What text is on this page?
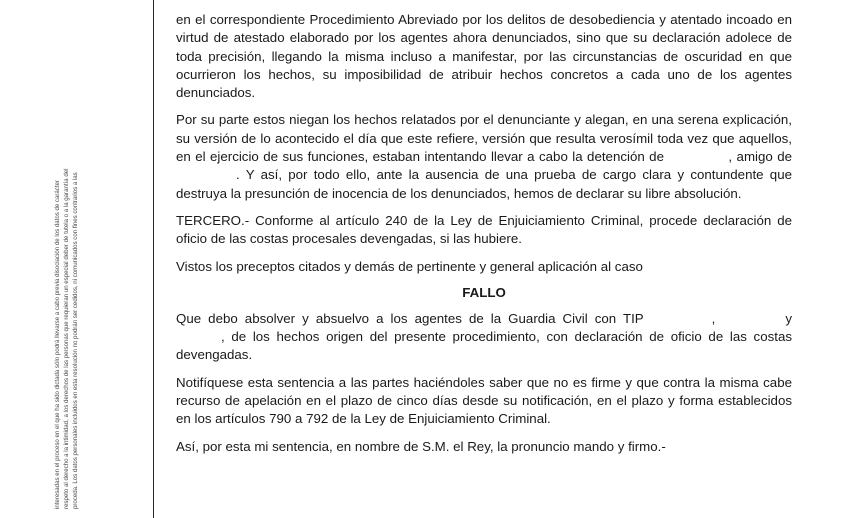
interesadas en el proceso en el que ha sido dictada sólo podrá llevarse a cabo previa disociación de los datos de carácter respeto al derecho a la intimidad, a los derechos de las personas que requieran un especial deber de tutela o a la garantía del proceda. Los datos personales incluidos en esta resolución no podrán ser cedidos, ni comunicados con fines contrarios a las

en el correspondiente Procedimiento Abreviado por los delitos de desobediencia y atentado incoado en virtud de atestado elaborado por los agentes ahora denunciados, sino que su declaración adolece de toda precisión, llegando la misma incluso a manifestar, por las circunstancias de oscuridad en que ocurrieron los hechos, su imposibilidad de atribuir hechos concretos a cada uno de los agentes denunciados.

Por su parte estos niegan los hechos relatados por el denunciante y alegan, en una serena explicación, su versión de lo acontecido el día que este refiere, versión que resulta verosímil toda vez que aquellos, en el ejercicio de sus funciones, estaban intentando llevar a cabo la detención de	, amigo de . Y así, por todo ello, ante la ausencia de una prueba de cargo clara y contundente que destruya la presunción de inocencia de los denunciados, hemos de declarar su libre absolución.

TERCERO.- Conforme al artículo 240 de la Ley de Enjuiciamiento Criminal, procede declaración de oficio de las costas procesales devengadas, si las hubiere.

Vistos los preceptos citados y demás de pertinente y general aplicación al caso

FALLO

Que debo absolver y absuelvo a los agentes de la Guardia Civil con TIP	,	y , de los hechos origen del presente procedimiento, con declaración de oficio de las costas devengadas.

Notifíquese esta sentencia a las partes haciéndoles saber que no es firme y que contra la misma cabe recurso de apelación en el plazo de cinco días desde su notificación, en el plazo y forma establecidos en los artículos 790 a 792 de la Ley de Enjuiciamiento Criminal.

Así, por esta mi sentencia, en nombre de S.M. el Rey, la pronuncio mando y firmo.-
